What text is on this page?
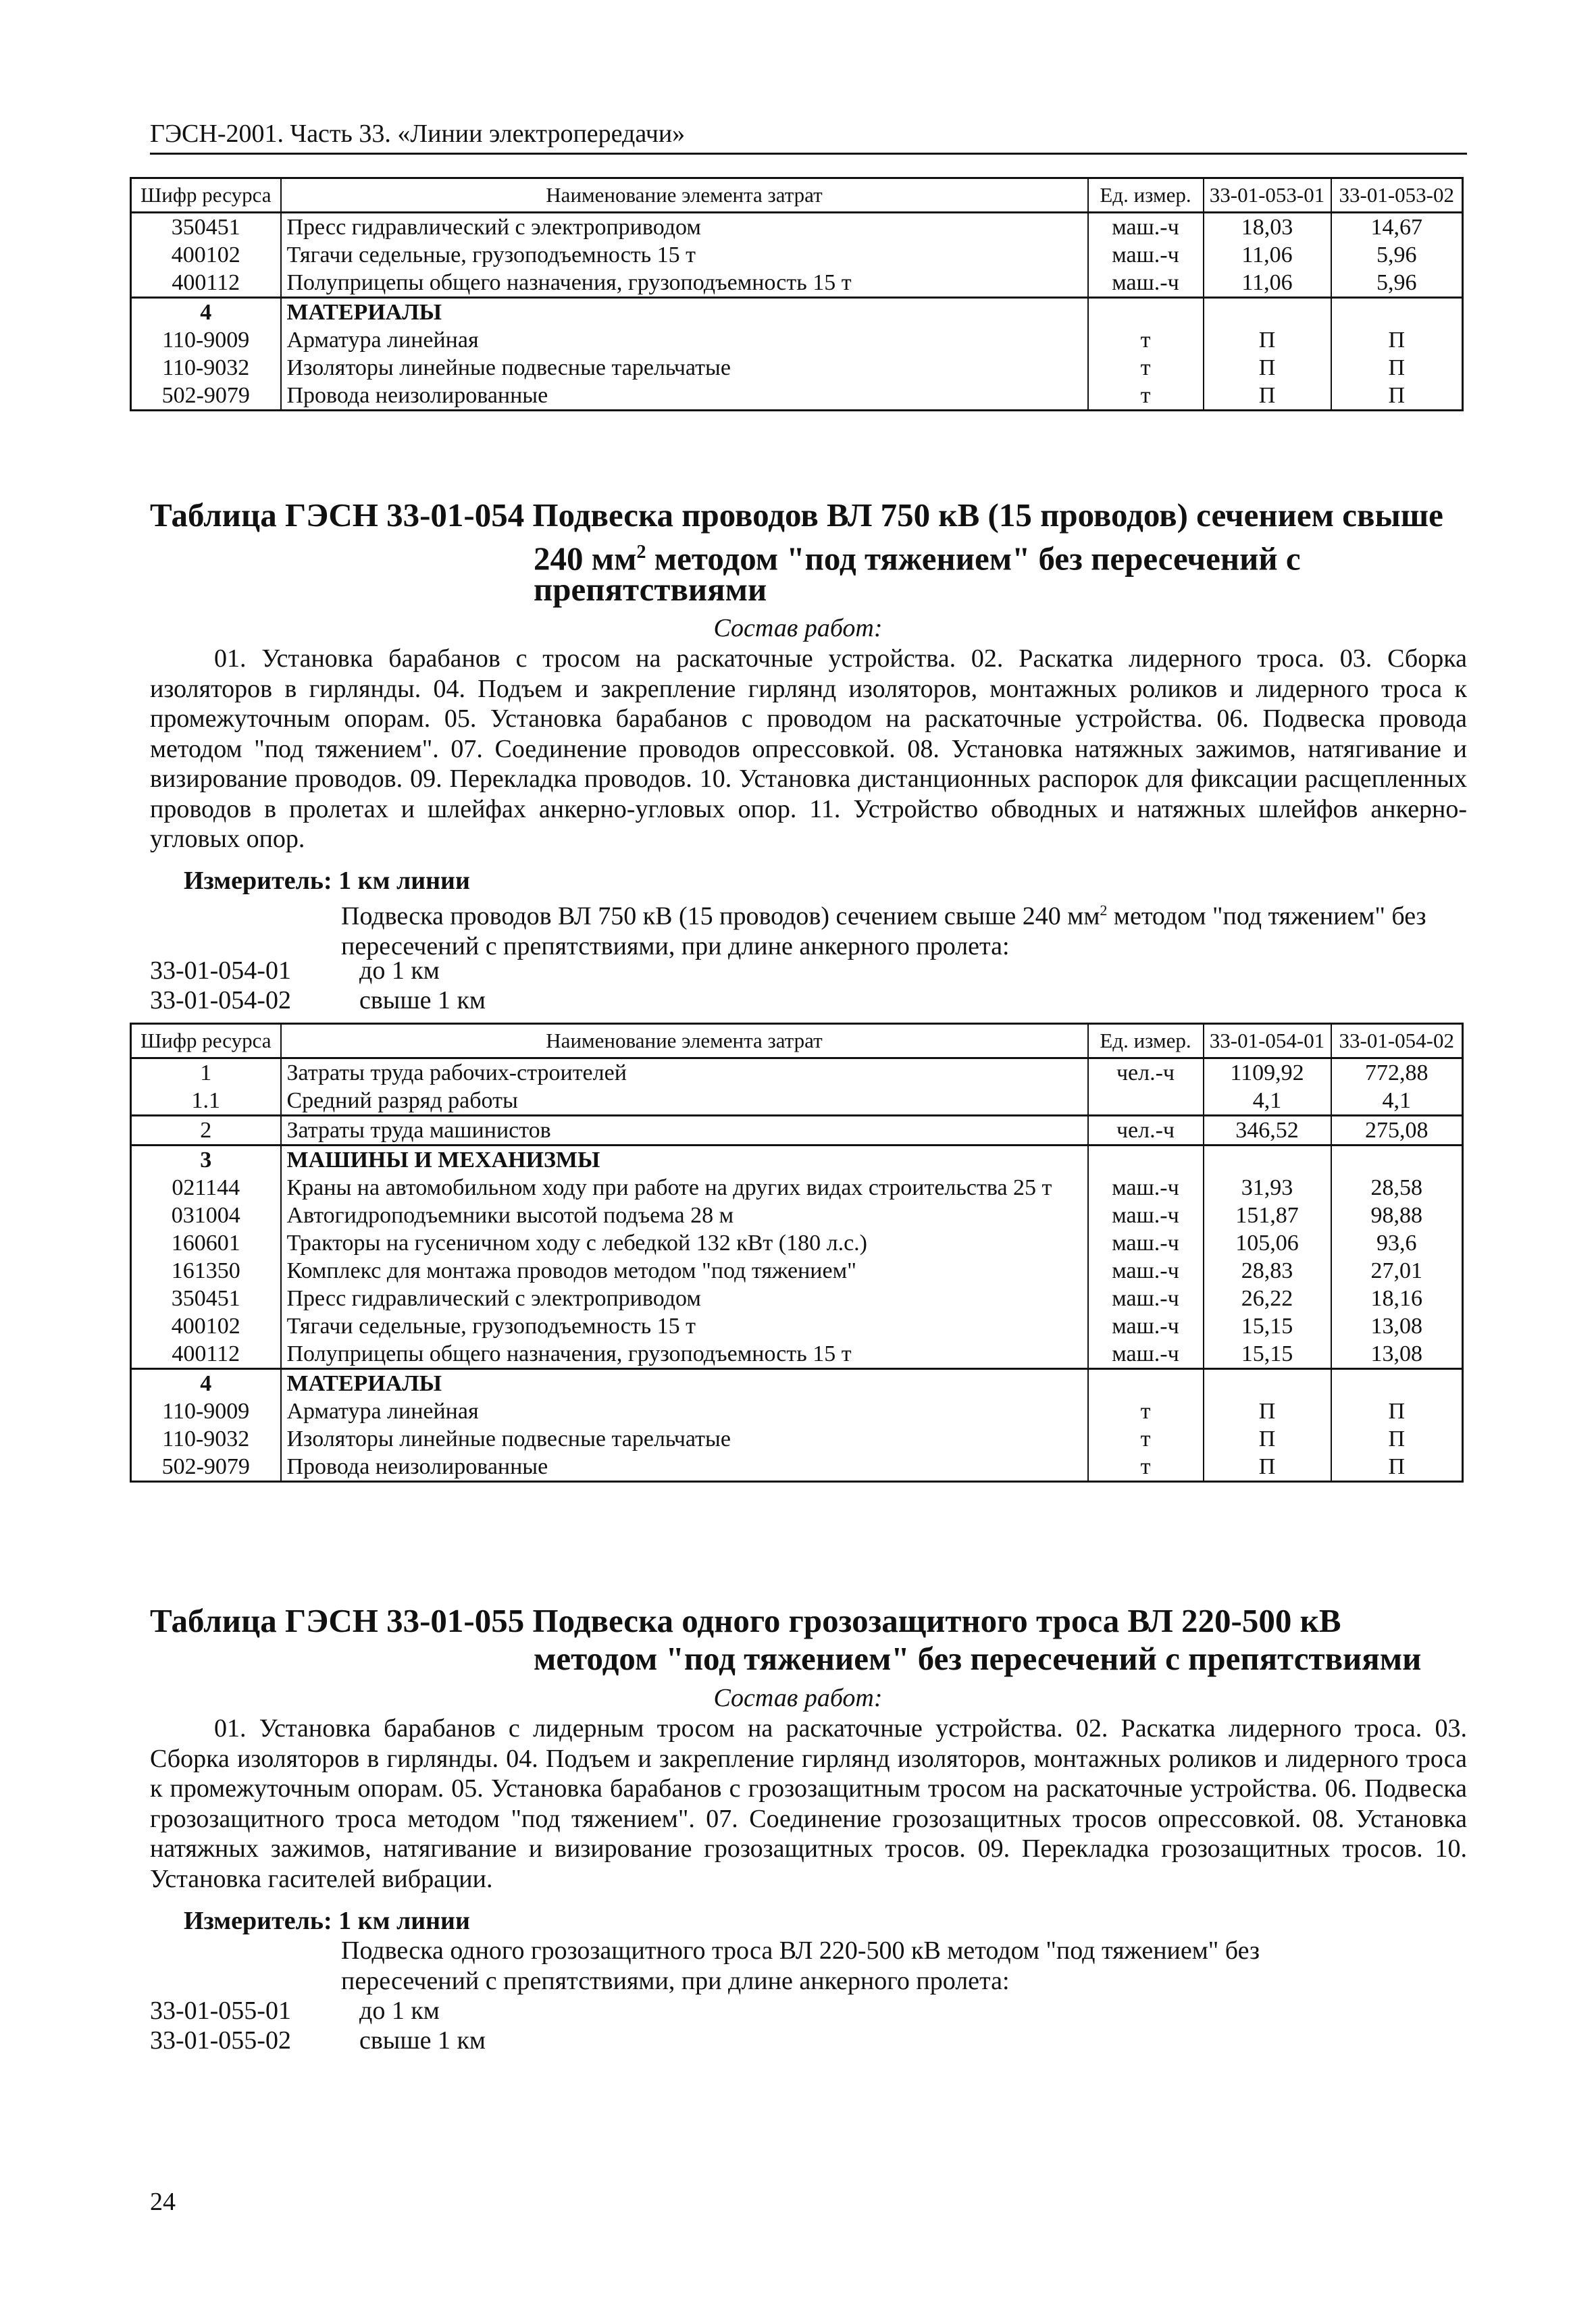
ГЭСН-2001. Часть 33. «Линии электропередачи»
Шифр ресурса	Наименование элемента затрат	Ед. измер.	33-01-053-01	33-01-053-02
350451	Пресс гидравлический с электроприводом	маш.-ч	18,03	14,67
400102	Тягачи седельные, грузоподъемность 15 т	маш.-ч	11,06	5,96
400112	Полуприцепы общего назначения, грузоподъемность 15 т	маш.-ч	11,06	5,96
4	МАТЕРИАЛЫ			
110-9009	Арматура линейная	т	П	П
110-9032	Изоляторы линейные подвесные тарельчатые	т	П	П
502-9079	Провода неизолированные	т	П	П
Таблица ГЭСН 33-01-054 Подвеска проводов ВЛ 750 кВ (15 проводов) сечением свыше
240 $мм^2$ методом "под тяжением" без пересечений с
препятствиями
Состав работ:
01. Установка барабанов с тросом на раскаточные устройства. 02. Раскатка лидерного троса. 03. Сборка изоляторов в гирлянды. 04. Подъем и закрепление гирлянд изоляторов, монтажных роликов и лидерного троса к промежуточным опорам. 05. Установка барабанов с проводом на раскаточные устройства. 06. Подвеска провода методом "под тяжением". 07. Соединение проводов опрессовкой. 08. Установка натяжных зажимов, натягивание и визирование проводов. 09. Перекладка проводов. 10. Установка дистанционных распорок для фиксации расщепленных проводов в пролетах и шлейфах анкерно-угловых опор. 11. Устройство обводных и натяжных шлейфов анкерно-угловых опор.
Измеритель: 1 км линии
Подвеска проводов ВЛ 750 кВ (15 проводов) сечением свыше 240 $мм^2$ методом "под тяжением" без пересечений с препятствиями, при длине анкерного пролета:
33-01-054-01	до 1 км
33-01-054-02	свыше 1 км
Шифр ресурса	Наименование элемента затрат	Ед. измер.	33-01-054-01	33-01-054-02
1	Затраты труда рабочих-строителей	чел.-ч	1109,92	772,88
1.1	Средний разряд работы		4,1	4,1
2	Затраты труда машинистов	чел.-ч	346,52	275,08
3	МАШИНЫ И МЕХАНИЗМЫ			
021144	Краны на автомобильном ходу при работе на других видах строительства 25 т	маш.-ч	31,93	28,58
031004	Автогидроподъемники высотой подъема 28 м	маш.-ч	151,87	98,88
160601	Тракторы на гусеничном ходу с лебедкой 132 кВт (180 л.с.)	маш.-ч	105,06	93,6
161350	Комплекс для монтажа проводов методом "под тяжением"	маш.-ч	28,83	27,01
350451	Пресс гидравлический с электроприводом	маш.-ч	26,22	18,16
400102	Тягачи седельные, грузоподъемность 15 т	маш.-ч	15,15	13,08
400112	Полуприцепы общего назначения, грузоподъемность 15 т	маш.-ч	15,15	13,08
4	МАТЕРИАЛЫ			
110-9009	Арматура линейная	т	П	П
110-9032	Изоляторы линейные подвесные тарельчатые	т	П	П
502-9079	Провода неизолированные	т	П	П
Таблица ГЭСН 33-01-055 Подвеска одного грозозащитного троса ВЛ 220-500 кВ
методом "под тяжением" без пересечений с препятствиями
Состав работ:
01. Установка барабанов с лидерным тросом на раскаточные устройства. 02. Раскатка лидерного троса. 03. Сборка изоляторов в гирлянды. 04. Подъем и закрепление гирлянд изоляторов, монтажных роликов и лидерного троса к промежуточным опорам. 05. Установка барабанов с грозозащитным тросом на раскаточные устройства. 06. Подвеска грозозащитного троса методом "под тяжением". 07. Соединение грозозащитных тросов опрессовкой. 08. Установка натяжных зажимов, натягивание и визирование грозозащитных тросов. 09. Перекладка грозозащитных тросов. 10. Установка гасителей вибрации.
Измеритель: 1 км линии
Подвеска одного грозозащитного троса ВЛ 220-500 кВ методом "под тяжением" без пересечений с препятствиями, при длине анкерного пролета:
33-01-055-01	до 1 км
33-01-055-02	свыше 1 км
24
